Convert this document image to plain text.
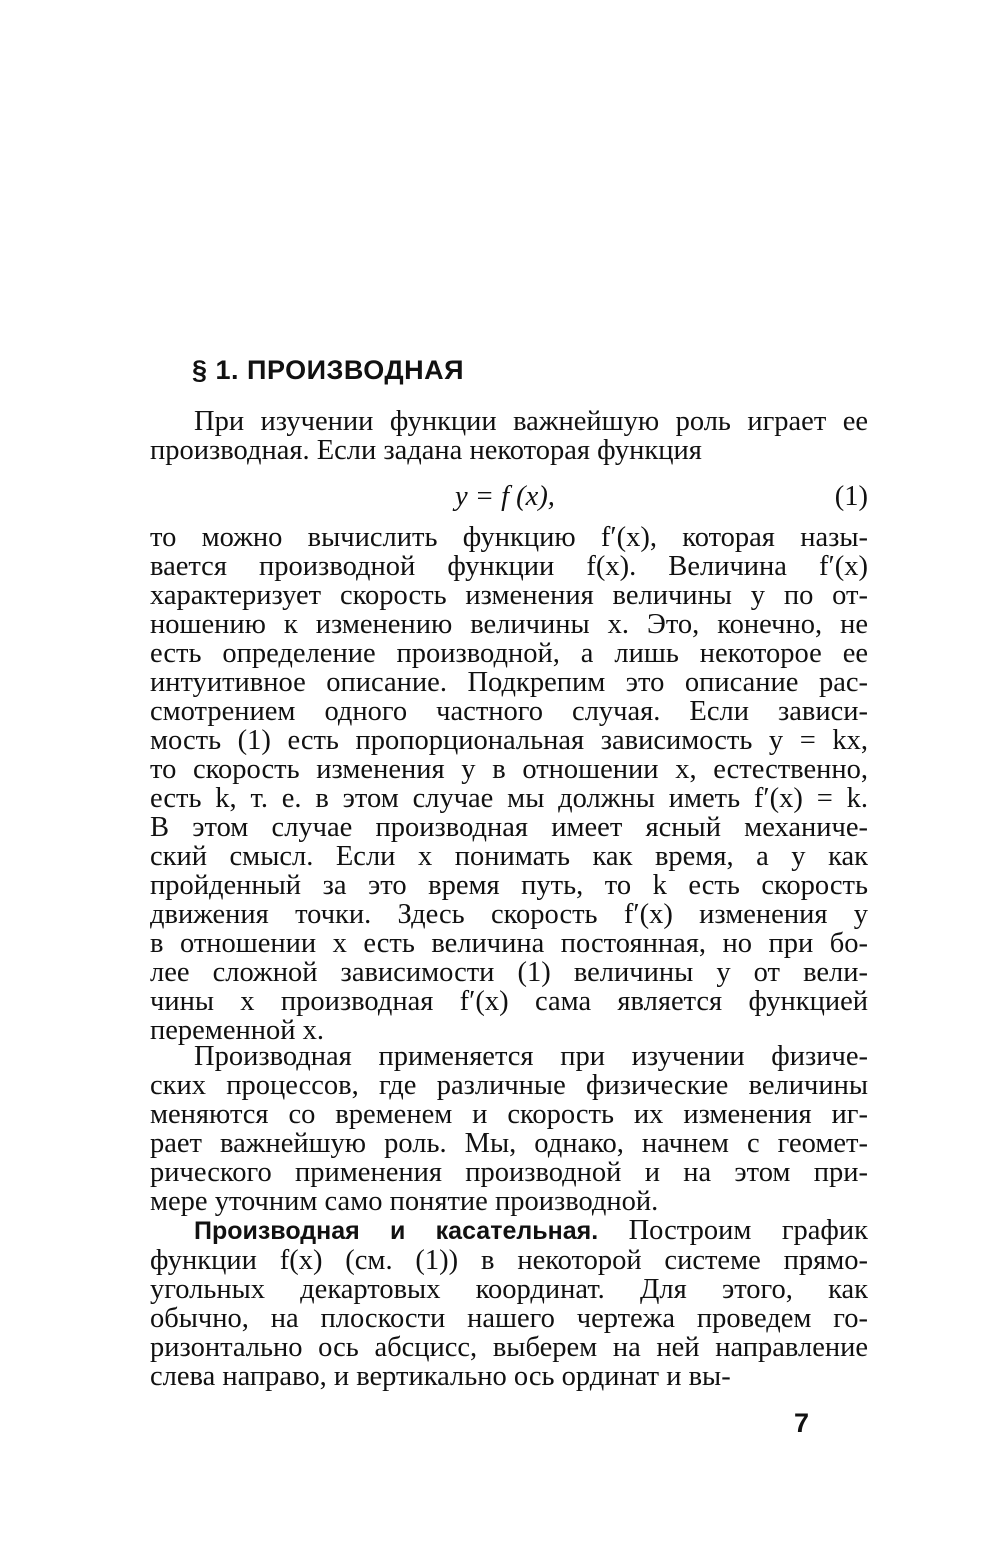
§ 1. ПРОИЗВОДНАЯ
При изучении функции важнейшую роль играет ее
производная. Если задана некоторая функция
y = f (x),	(1)
то можно вычислить функцию f′(x), которая назы-
вается производной функции f(x). Величина f′(x)
характеризует скорость изменения величины y по от-
ношению к изменению величины x. Это, конечно, не
есть определение производной, а лишь некоторое ее
интуитивное описание. Подкрепим это описание рас-
смотрением одного частного случая. Если зависи-
мость (1) есть пропорциональная зависимость y = kx,
то скорость изменения y в отношении x, естественно,
есть k, т. е. в этом случае мы должны иметь f′(x) = k.
В этом случае производная имеет ясный механиче-
ский смысл. Если x понимать как время, а y как
пройденный за это время путь, то k есть скорость
движения точки. Здесь скорость f′(x) изменения y
в отношении x есть величина постоянная, но при бо-
лее сложной зависимости (1) величины y от вели-
чины x производная f′(x) сама является функцией
переменной x.
Производная применяется при изучении физиче-
ских процессов, где различные физические величины
меняются со временем и скорость их изменения иг-
рает важнейшую роль. Мы, однако, начнем с геомет-
рического применения производной и на этом при-
мере уточним само понятие производной.
Производная и касательная. Построим график
функции f(x) (см. (1)) в некоторой системе прямо-
угольных декартовых координат. Для этого, как
обычно, на плоскости нашего чертежа проведем го-
ризонтально ось абсцисс, выберем на ней направление
слева направо, и вертикально ось ординат и вы-
7
